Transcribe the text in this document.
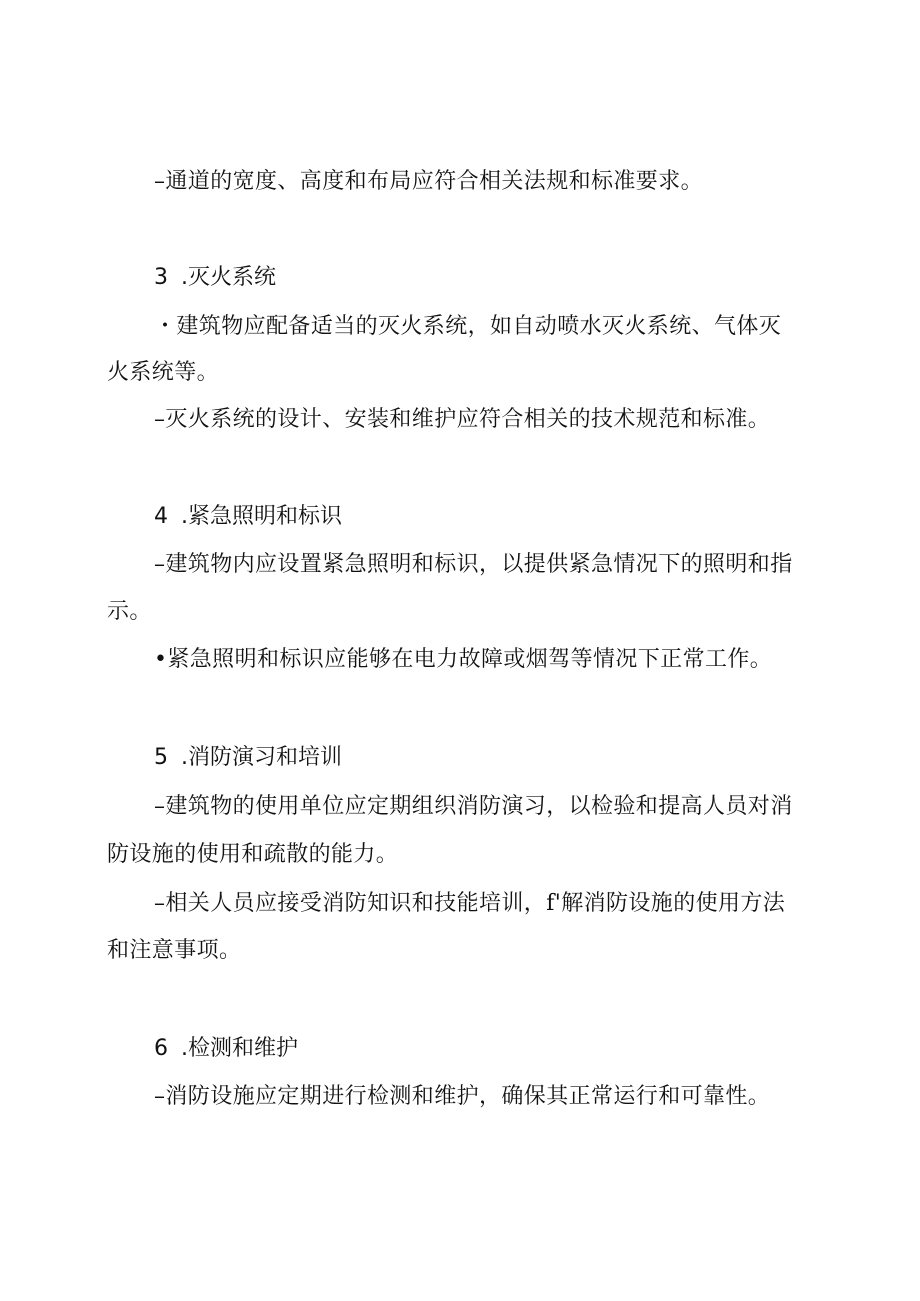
–通道的宽度、高度和布局应符合相关法规和标准要求。
3 .灭火系统
・建筑物应配备适当的灭火系统，如自动喷水灭火系统、气体灭
火系统等。
–灭火系统的设计、安装和维护应符合相关的技术规范和标准。
4 .紧急照明和标识
–建筑物内应设置紧急照明和标识，以提供紧急情况下的照明和指
示。
•紧急照明和标识应能够在电力故障或烟驾等情况下正常工作。
5 .消防演习和培训
–建筑物的使用单位应定期组织消防演习，以检验和提高人员对消
防设施的使用和疏散的能力。
–相关人员应接受消防知识和技能培训，f'解消防设施的使用方法
和注意事项。
6 .检测和维护
–消防设施应定期进行检测和维护，确保其正常运行和可靠性。
